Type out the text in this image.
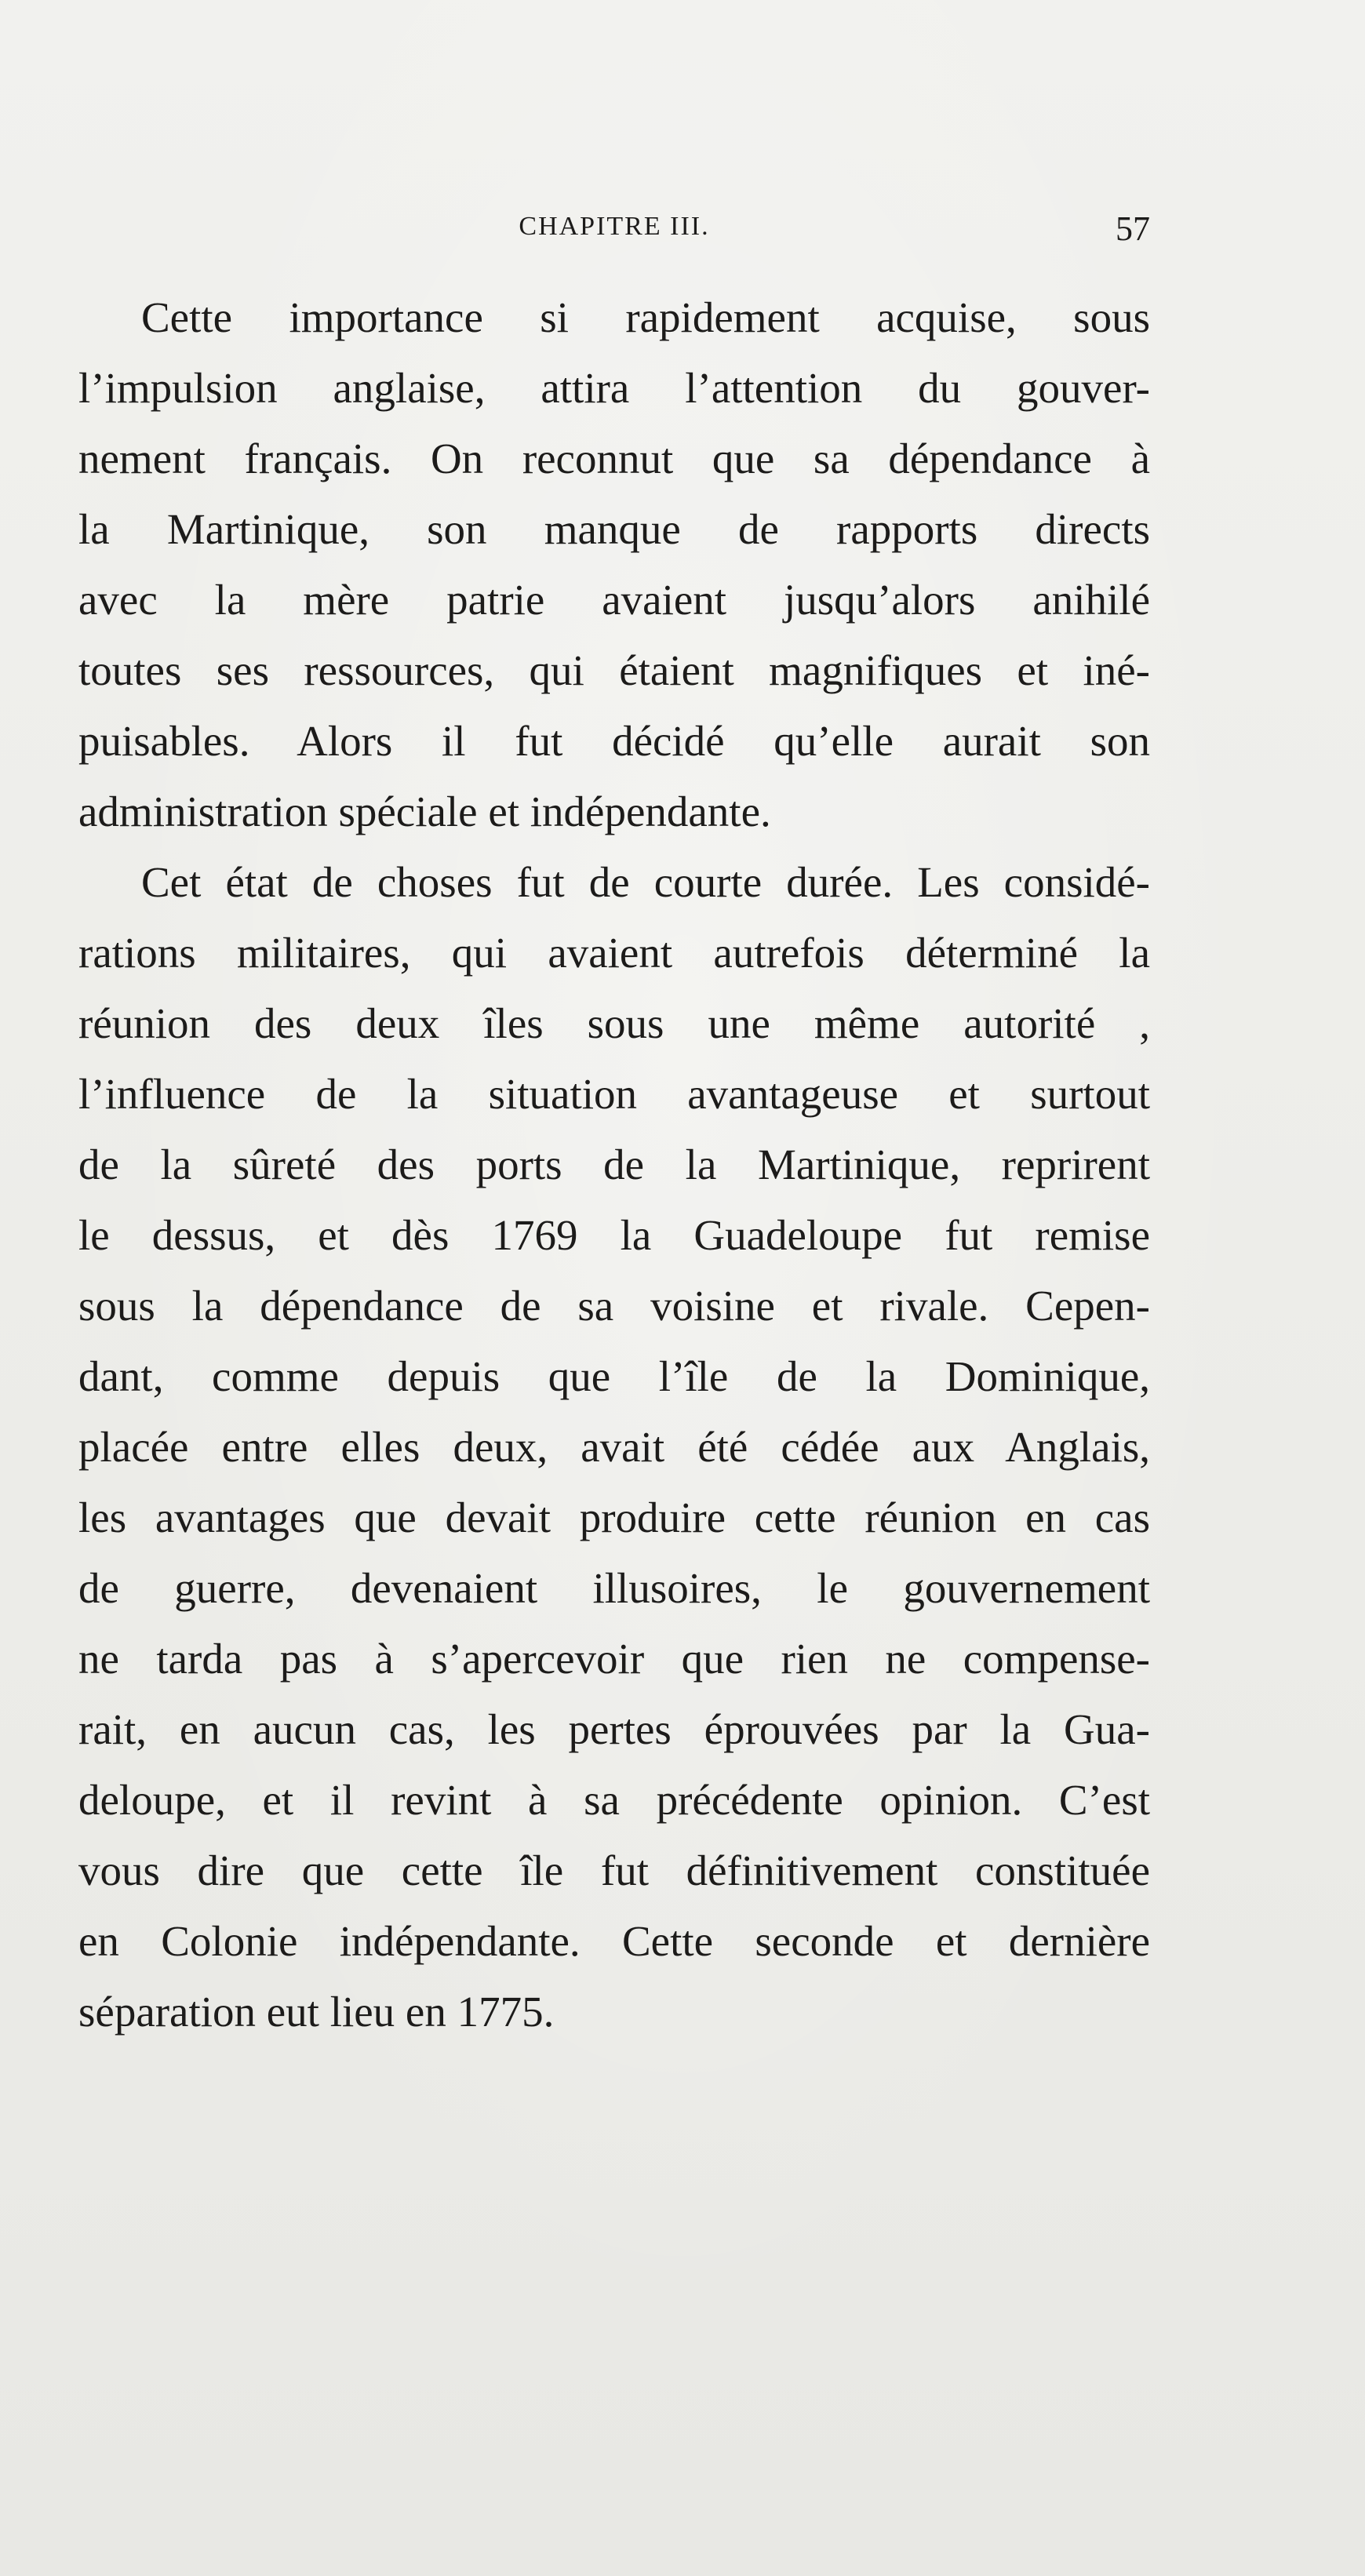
CHAPITRE III.	57
Cette importance si rapidement acquise, sous
l’impulsion anglaise, attira l’attention du gouver-
nement français. On reconnut que sa dépendance à
la Martinique, son manque de rapports directs
avec la mère patrie avaient jusqu’alors anihilé
toutes ses ressources, qui étaient magnifiques et iné-
puisables. Alors il fut décidé qu’elle aurait son
administration spéciale et indépendante.
Cet état de choses fut de courte durée. Les considé-
rations militaires, qui avaient autrefois déterminé la
réunion des deux îles sous une même autorité ,
l’influence de la situation avantageuse et surtout
de la sûreté des ports de la Martinique, reprirent
le dessus, et dès 1769 la Guadeloupe fut remise
sous la dépendance de sa voisine et rivale. Cepen-
dant, comme depuis que l’île de la Dominique,
placée entre elles deux, avait été cédée aux Anglais,
les avantages que devait produire cette réunion en cas
de guerre, devenaient illusoires, le gouvernement
ne tarda pas à s’apercevoir que rien ne compense-
rait, en aucun cas, les pertes éprouvées par la Gua-
deloupe, et il revint à sa précédente opinion. C’est
vous dire que cette île fut définitivement constituée
en Colonie indépendante. Cette seconde et dernière
séparation eut lieu en 1775.
